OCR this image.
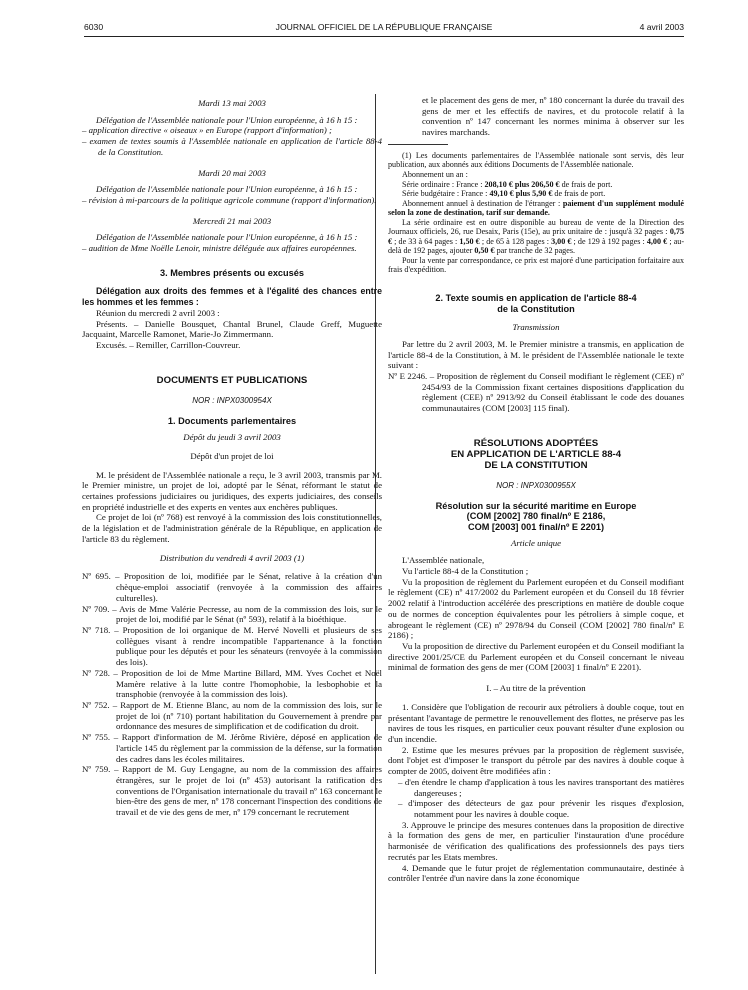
6030	JOURNAL OFFICIEL DE LA RÉPUBLIQUE FRANÇAISE	4 avril 2003

Mardi 13 mai 2003

Délégation de l'Assemblée nationale pour l'Union européenne, à 16 h 15 :

– application directive « oiseaux » en Europe (rapport d'information) ;

– examen de textes soumis à l'Assemblée nationale en application de l'article 88-4 de la Constitution.

Mardi 20 mai 2003

Délégation de l'Assemblée nationale pour l'Union européenne, à 16 h 15 :

– révision à mi-parcours de la politique agricole commune (rapport d'information).

Mercredi 21 mai 2003

Délégation de l'Assemblée nationale pour l'Union européenne, à 16 h 15 :

– audition de Mme Noëlle Lenoir, ministre déléguée aux affaires européennes.

3. Membres présents ou excusés

Délégation aux droits des femmes et à l'égalité des chances entre les hommes et les femmes :

Réunion du mercredi 2 avril 2003 :

Présents. – Danielle Bousquet, Chantal Brunel, Claude Greff, Muguette Jacquaint, Marcelle Ramonet, Marie-Jo Zimmermann.

Excusés. – Remiller, Carrillon-Couvreur.

DOCUMENTS ET PUBLICATIONS

NOR : INPX0300954X

1. Documents parlementaires

Dépôt du jeudi 3 avril 2003

Dépôt d'un projet de loi

M. le président de l'Assemblée nationale a reçu, le 3 avril 2003, transmis par M. le Premier ministre, un projet de loi, adopté par le Sénat, réformant le statut de certaines professions judiciaires ou juridiques, des experts judiciaires, des conseils en propriété industrielle et des experts en ventes aux enchères publiques.

Ce projet de loi (nº 768) est renvoyé à la commission des lois constitutionnelles, de la législation et de l'administration générale de la République, en application de l'article 83 du règlement.

Distribution du vendredi 4 avril 2003 (1)

Nº 695. – Proposition de loi, modifiée par le Sénat, relative à la création d'un chèque-emploi associatif (renvoyée à la commission des affaires culturelles).

Nº 709. – Avis de Mme Valérie Pecresse, au nom de la commission des lois, sur le projet de loi, modifié par le Sénat (nº 593), relatif à la bioéthique.

Nº 718. – Proposition de loi organique de M. Hervé Novelli et plusieurs de ses collègues visant à rendre incompatible l'appartenance à la fonction publique pour les députés et pour les sénateurs (renvoyée à la commission des lois).

Nº 728. – Proposition de loi de Mme Martine Billard, MM. Yves Cochet et Noël Mamère relative à la lutte contre l'homophobie, la lesbophobie et la transphobie (renvoyée à la commission des lois).

Nº 752. – Rapport de M. Etienne Blanc, au nom de la commission des lois, sur le projet de loi (nº 710) portant habilitation du Gouvernement à prendre par ordonnance des mesures de simplification et de codification du droit.

Nº 755. – Rapport d'information de M. Jérôme Rivière, déposé en application de l'article 145 du règlement par la commission de la défense, sur la formation des cadres dans les écoles militaires.

Nº 759. – Rapport de M. Guy Lengagne, au nom de la commission des affaires étrangères, sur le projet de loi (nº 453) autorisant la ratification des conventions de l'Organisation internationale du travail nº 163 concernant le bien-être des gens de mer, nº 178 concernant l'inspection des conditions de travail et de vie des gens de mer, nº 179 concernant le recrutement

et le placement des gens de mer, nº 180 concernant la durée du travail des gens de mer et les effectifs de navires, et du protocole relatif à la convention nº 147 concernant les normes minima à observer sur les navires marchands.

(1) Les documents parlementaires de l'Assemblée nationale sont servis, dès leur publication, aux abonnés aux éditions Documents de l'Assemblée nationale.

Abonnement un an :

Série ordinaire : France : 208,10 € plus 206,50 € de frais de port.

Série budgétaire : France : 49,10 € plus 5,90 € de frais de port.

Abonnement annuel à destination de l'étranger : paiement d'un supplément modulé selon la zone de destination, tarif sur demande.

La série ordinaire est en outre disponible au bureau de vente de la Direction des Journaux officiels, 26, rue Desaix, Paris (15e), au prix unitaire de : jusqu'à 32 pages : 0,75 € ; de 33 à 64 pages : 1,50 € ; de 65 à 128 pages : 3,00 € ; de 129 à 192 pages : 4,00 € ; au-delà de 192 pages, ajouter 0,50 € par tranche de 32 pages.

Pour la vente par correspondance, ce prix est majoré d'une participation forfaitaire aux frais d'expédition.

2. Texte soumis en application de l'article 88-4

de la Constitution

Transmission

Par lettre du 2 avril 2003, M. le Premier ministre a transmis, en application de l'article 88-4 de la Constitution, à M. le président de l'Assemblée nationale le texte suivant :

Nº E 2246. – Proposition de règlement du Conseil modifiant le règlement (CEE) nº 2454/93 de la Commission fixant certaines dispositions d'application du règlement (CEE) nº 2913/92 du Conseil établissant le code des douanes communautaires (COM [2003] 115 final).

RÉSOLUTIONS ADOPTÉES

EN APPLICATION DE L'ARTICLE 88-4

DE LA CONSTITUTION

NOR : INPX0300955X

Résolution sur la sécurité maritime en Europe

(COM [2002] 780 final/nº E 2186,

COM [2003] 001 final/nº E 2201)

Article unique

L'Assemblée nationale,

Vu l'article 88-4 de la Constitution ;

Vu la proposition de règlement du Parlement européen et du Conseil modifiant le règlement (CE) nº 417/2002 du Parlement européen et du Conseil du 18 février 2002 relatif à l'introduction accélérée des prescriptions en matière de double coque ou de normes de conception équivalentes pour les pétroliers à simple coque, et abrogeant le règlement (CE) nº 2978/94 du Conseil (COM [2002] 780 final/nº E 2186) ;

Vu la proposition de directive du Parlement européen et du Conseil modifiant la directive 2001/25/CE du Parlement européen et du Conseil concernant le niveau minimal de formation des gens de mer (COM [2003] 1 final/nº E 2201).

I. – Au titre de la prévention

1. Considère que l'obligation de recourir aux pétroliers à double coque, tout en présentant l'avantage de permettre le renouvellement des flottes, ne préserve pas les navires de tous les risques, en particulier ceux pouvant résulter d'une explosion ou d'un incendie.

2. Estime que les mesures prévues par la proposition de règlement susvisée, dont l'objet est d'imposer le transport du pétrole par des navires à double coque à compter de 2005, doivent être modifiées afin :

– d'en étendre le champ d'application à tous les navires transportant des matières dangereuses ;

– d'imposer des détecteurs de gaz pour prévenir les risques d'explosion, notamment pour les navires à double coque.

3. Approuve le principe des mesures contenues dans la proposition de directive à la formation des gens de mer, en particulier l'instauration d'une procédure harmonisée de vérification des qualifications des professionnels des pays tiers recrutés par les Etats membres.

4. Demande que le futur projet de réglementation communautaire, destinée à contrôler l'entrée d'un navire dans la zone économique
